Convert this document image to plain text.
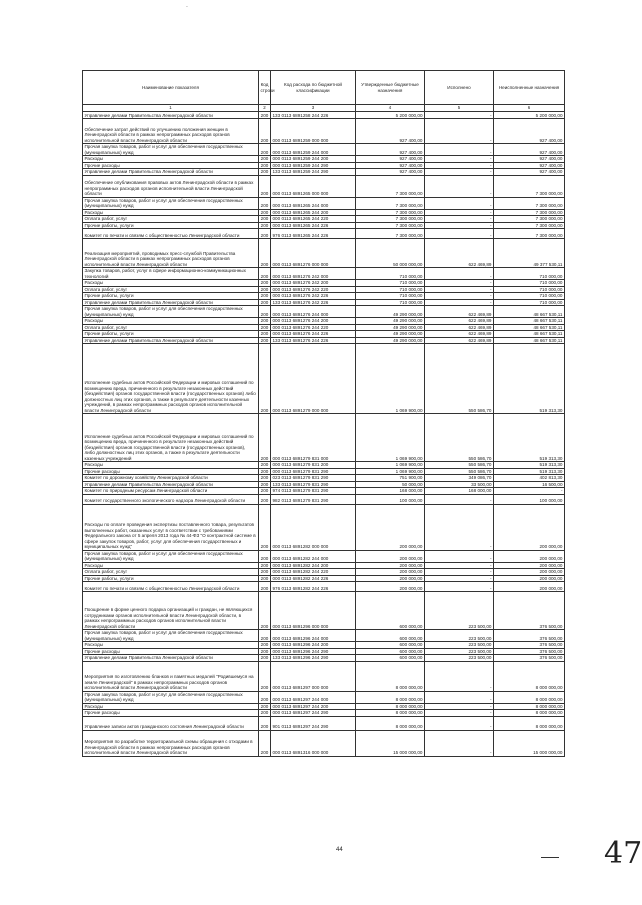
.
Наименование показателя	Код строки	Код расхода по бюджетной классификации	Утвержденные бюджетные назначения	Исполнено	Неисполненные назначения
1	2	3	4	5	6
Управление делами Правительства Ленинградской области	200	133 0113 6891258 244 226	5 200 000,00	-	5 200 000,00
Обеспечение затрат действий по улучшению положения женщин в Ленинградской области в рамках непрограммных расходов органов исполнительной власти Ленинградской области	200	000 0113 6891259 000 000	927 400,00	-	927 400,00
Прочая закупка товаров, работ и услуг для обеспечения государственных (муниципальных) нужд	200	000 0113 6891259 244 000	927 400,00	-	927 400,00
Расходы	200	000 0113 6891259 244 200	927 400,00	-	927 400,00
Прочие расходы	200	000 0113 6891259 244 290	927 400,00	-	927 400,00
Управление делами Правительства Ленинградской области	200	133 0113 6891259 244 290	927 400,00	-	927 400,00
Обеспечение опубликования правовых актов Ленинградской области в рамках непрограммных расходов органов исполнительной власти Ленинградской области	200	000 0113 6891265 000 000	7 300 000,00	-	7 300 000,00
Прочая закупка товаров, работ и услуг для обеспечения государственных (муниципальных) нужд	200	000 0113 6891265 244 000	7 300 000,00	-	7 300 000,00
Расходы	200	000 0113 6891265 244 200	7 300 000,00	-	7 300 000,00
Оплата работ, услуг	200	000 0113 6891265 244 220	7 300 000,00	-	7 300 000,00
Прочие работы, услуги	200	000 0113 6891265 244 226	7 300 000,00	-	7 300 000,00
Комитет по печати и связям с общественностью Ленинградской области	200	976 0113 6891265 244 226	7 300 000,00	-	7 300 000,00
Реализация мероприятий, проводимых пресс-службой Правительства Ленинградской области в рамках непрограммных расходов органов исполнительной власти Ленинградской области	200	000 0113 6891276 000 000	50 000 000,00	622 469,89	49 377 530,11
Закупка товаров, работ, услуг в сфере информационно-коммуникационных технологий	200	000 0113 6891276 242 000	710 000,00	-	710 000,00
Расходы	200	000 0113 6891276 242 200	710 000,00	-	710 000,00
Оплата работ, услуг	200	000 0113 6891276 242 220	710 000,00	-	710 000,00
Прочие работы, услуги	200	000 0113 6891276 242 226	710 000,00	-	710 000,00
Управление делами Правительства Ленинградской области	200	133 0113 6891276 242 226	710 000,00	-	710 000,00
Прочая закупка товаров, работ и услуг для обеспечения государственных (муниципальных) нужд	200	000 0113 6891276 244 000	49 290 000,00	622 469,89	48 667 530,11
Расходы	200	000 0113 6891276 244 200	49 290 000,00	622 469,89	48 667 530,11
Оплата работ, услуг	200	000 0113 6891276 244 220	49 290 000,00	622 469,89	48 667 530,11
Прочие работы, услуги	200	000 0113 6891276 244 226	49 290 000,00	622 469,89	48 667 530,11
Управление делами Правительства Ленинградской области	200	133 0113 6891276 244 226	49 290 000,00	622 469,89	48 667 530,11
Исполнение судебных актов Российской Федерации и мировых соглашений по возмещению вреда, причиненного в результате незаконных действий (бездействия) органов государственной власти (государственных органов) либо должностных лиц этих органов, а также в результате деятельности казенных учреждений, в рамках непрограммных расходов органов исполнительной власти Ленинградской области	200	000 0113 6891279 000 000	1 069 900,00	550 586,70	519 313,30
Исполнение судебных актов Российской Федерации и мировых соглашений по возмещению вреда, причиненного в результате незаконных действий (бездействия) органов государственной власти (государственных органов), либо должностных лиц этих органов, а также в результате деятельности казенных учреждений	200	000 0113 6891279 831 000	1 069 900,00	550 586,70	519 313,30
Расходы	200	000 0113 6891279 831 200	1 069 900,00	550 586,70	519 313,30
Прочие расходы	200	000 0113 6891279 831 290	1 069 900,00	550 586,70	519 313,30
Комитет по дорожному хозяйству Ленинградской области	200	023 0113 6891279 831 290	751 900,00	349 086,70	402 813,30
Управление делами Правительства Ленинградской области	200	133 0113 6891279 831 290	50 000,00	33 500,00	16 500,00
Комитет по природным ресурсам Ленинградской области	200	974 0113 6891279 831 290	168 000,00	168 000,00	-
Комитет государственного экологического надзора Ленинградской области	200	982 0113 6891279 831 290	100 000,00	-	100 000,00
Расходы по оплате проведения экспертизы поставленного товара, результатов выполненных работ, оказанных услуг в соответствии с требованиями Федерального закона от 5 апреля 2013 года № 44-ФЗ "О контрактной системе в сфере закупок товаров, работ, услуг для обеспечения государственных и муниципальных нужд"	200	000 0113 6891282 000 000	200 000,00	-	200 000,00
Прочая закупка товаров, работ и услуг для обеспечения государственных (муниципальных) нужд	200	000 0113 6891282 244 000	200 000,00	-	200 000,00
Расходы	200	000 0113 6891282 244 200	200 000,00	-	200 000,00
Оплата работ, услуг	200	000 0113 6891282 244 220	200 000,00	-	200 000,00
Прочие работы, услуги	200	000 0113 6891282 244 226	200 000,00	-	200 000,00
Комитет по печати и связям с общественностью Ленинградской области	200	976 0113 6891282 244 226	200 000,00	-	200 000,00
Поощрение в форме ценного подарка организаций и граждан, не являющихся сотрудниками органов исполнительной власти Ленинградской области, в рамках непрограммных расходов органов исполнительной власти Ленинградской области	200	000 0113 6891296 000 000	600 000,00	223 500,00	376 500,00
Прочая закупка товаров, работ и услуг для обеспечения государственных (муниципальных) нужд	200	000 0113 6891296 244 000	600 000,00	223 500,00	376 500,00
Расходы	200	000 0113 6891296 244 200	600 000,00	223 500,00	376 500,00
Прочие расходы	200	000 0113 6891296 244 290	600 000,00	223 500,00	376 500,00
Управление делами Правительства Ленинградской области	200	133 0113 6891296 244 290	600 000,00	223 500,00	376 500,00
Мероприятия по изготовлению бланков и памятных медалей "Родившемуся на земле Ленинградской" в рамках непрограммных расходов органов исполнительной власти Ленинградской области	200	000 0113 6891297 000 000	8 000 000,00	-	8 000 000,00
Прочая закупка товаров, работ и услуг для обеспечения государственных (муниципальных) нужд	200	000 0113 6891297 244 000	8 000 000,00	-	8 000 000,00
Расходы	200	000 0113 6891297 244 200	8 000 000,00	-	8 000 000,00
Прочие расходы	200	000 0113 6891297 244 290	8 000 000,00	-	8 000 000,00
Управление записи актов гражданского состояния Ленинградской области	200	901 0113 6891297 244 290	8 000 000,00	-	8 000 000,00
Мероприятия по разработке территориальной схемы обращения с отходами в Ленинградской области в рамках непрограммных расходов органов исполнительной власти Ленинградской области	200	000 0113 6891316 000 000	15 000 000,00	-	15 000 000,00
44	47
